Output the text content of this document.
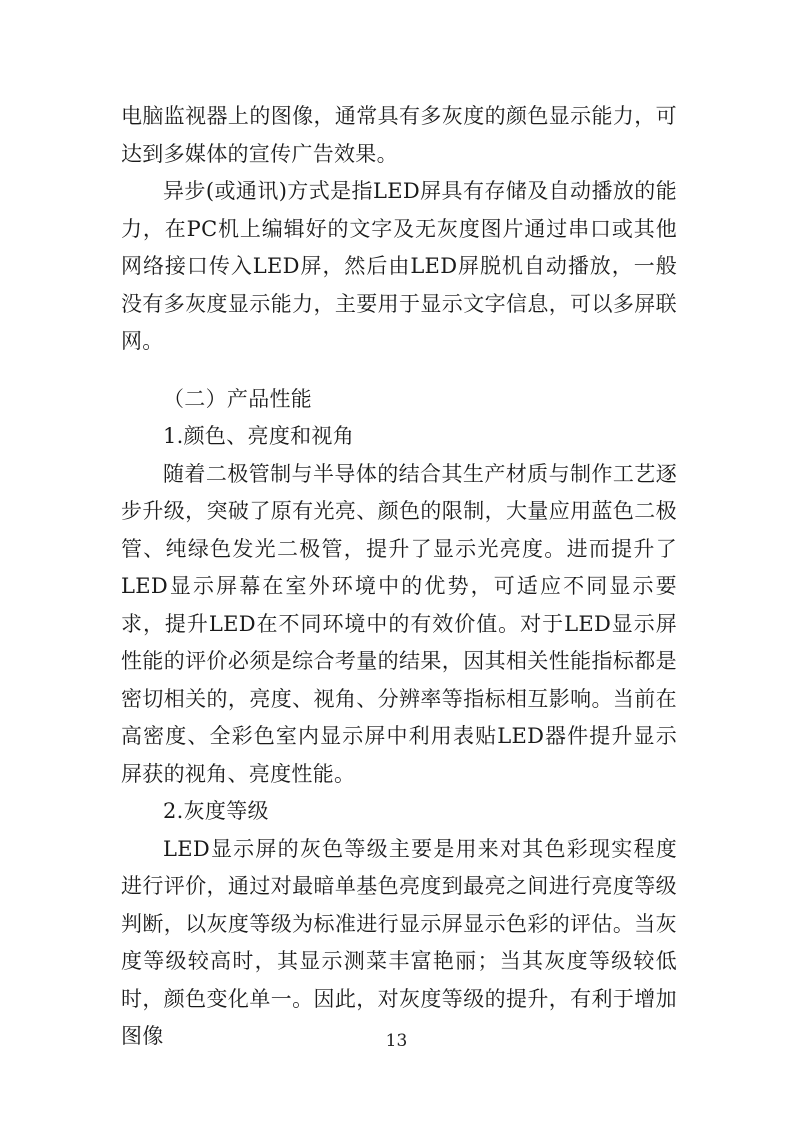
电脑监视器上的图像，通常具有多灰度的颜色显示能力，可达到多媒体的宣传广告效果。

异步(或通讯)方式是指LED屏具有存储及自动播放的能力，在PC机上编辑好的文字及无灰度图片通过串口或其他网络接口传入LED屏，然后由LED屏脱机自动播放，一般没有多灰度显示能力，主要用于显示文字信息，可以多屏联网。

（二）产品性能

1.颜色、亮度和视角

随着二极管制与半导体的结合其生产材质与制作工艺逐步升级，突破了原有光亮、颜色的限制，大量应用蓝色二极管、纯绿色发光二极管，提升了显示光亮度。进而提升了LED显示屏幕在室外环境中的优势，可适应不同显示要求，提升LED在不同环境中的有效价值。对于LED显示屏性能的评价必须是综合考量的结果，因其相关性能指标都是密切相关的，亮度、视角、分辨率等指标相互影响。当前在高密度、全彩色室内显示屏中利用表贴LED器件提升显示屏获的视角、亮度性能。

2.灰度等级

LED显示屏的灰色等级主要是用来对其色彩现实程度进行评价，通过对最暗单基色亮度到最亮之间进行亮度等级判断，以灰度等级为标准进行显示屏显示色彩的评估。当灰度等级较高时，其显示测菜丰富艳丽；当其灰度等级较低时，颜色变化单一。因此，对灰度等级的提升，有利于增加图像	13
